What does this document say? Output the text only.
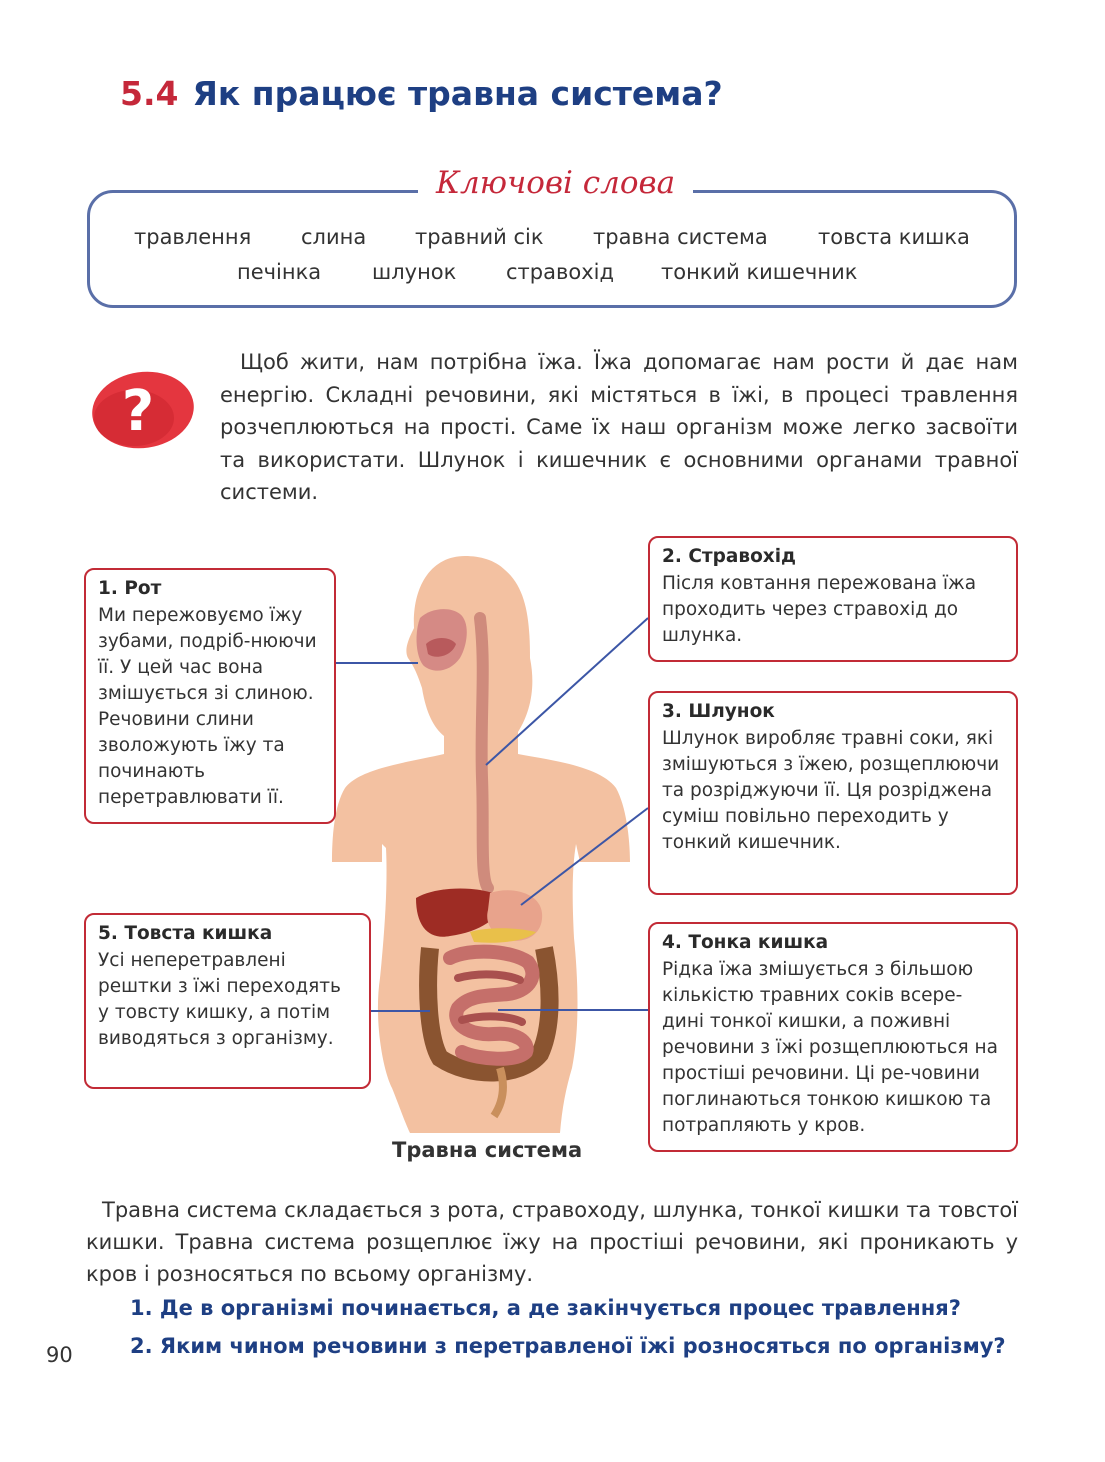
5.4 Як працює травна система?
Ключові слова
травлення слина травний сік травна система товста кишка
печінка шлунок стравохід тонкий кишечник
?
Щоб жити, нам потрібна їжа. Їжа допомагає нам рости й дає нам енергію. Складні речовини, які містяться в їжі, в процесі травлення розчеплюються на прості. Саме їх наш організм може легко засвоїти та використати. Шлунок і кишечник є основними органами травної системи.
1. Рот

Ми пережовуємо їжу зубами, подріб-нюючи її. У цей час вона змішується зі слиною. Речовини слини зволожують їжу та починають перетравлювати її.

2. Стравохід

Після ковтання пережована їжа проходить через стравохід до шлунка.

3. Шлунок

Шлунок виробляє травні соки, які змішуються з їжею, розщеплюючи та розріджуючи її. Ця розріджена суміш повільно переходить у тонкий кишечник.

4. Тонка кишка

Рідка їжа змішується з більшою кількістю травних соків всере-дині тонкої кишки, а поживні речовини з їжі розщеплюються на простіші речовини. Ці ре-човини поглинаються тонкою кишкою та потрапляють у кров.

5. Товста кишка

Усі неперетравлені рештки з їжі переходять у товсту кишку, а потім виводяться з організму.

Травна система
Травна система складається з рота, стравоходу, шлунка, тонкої кишки та товстої кишки. Травна система розщеплює їжу на простіші речовини, які проникають у кров і розносяться по всьому організму.
1. Де в організмі починається, а де закінчується процес травлення?
2. Яким чином речовини з перетравленої їжі розносяться по організму?
90
